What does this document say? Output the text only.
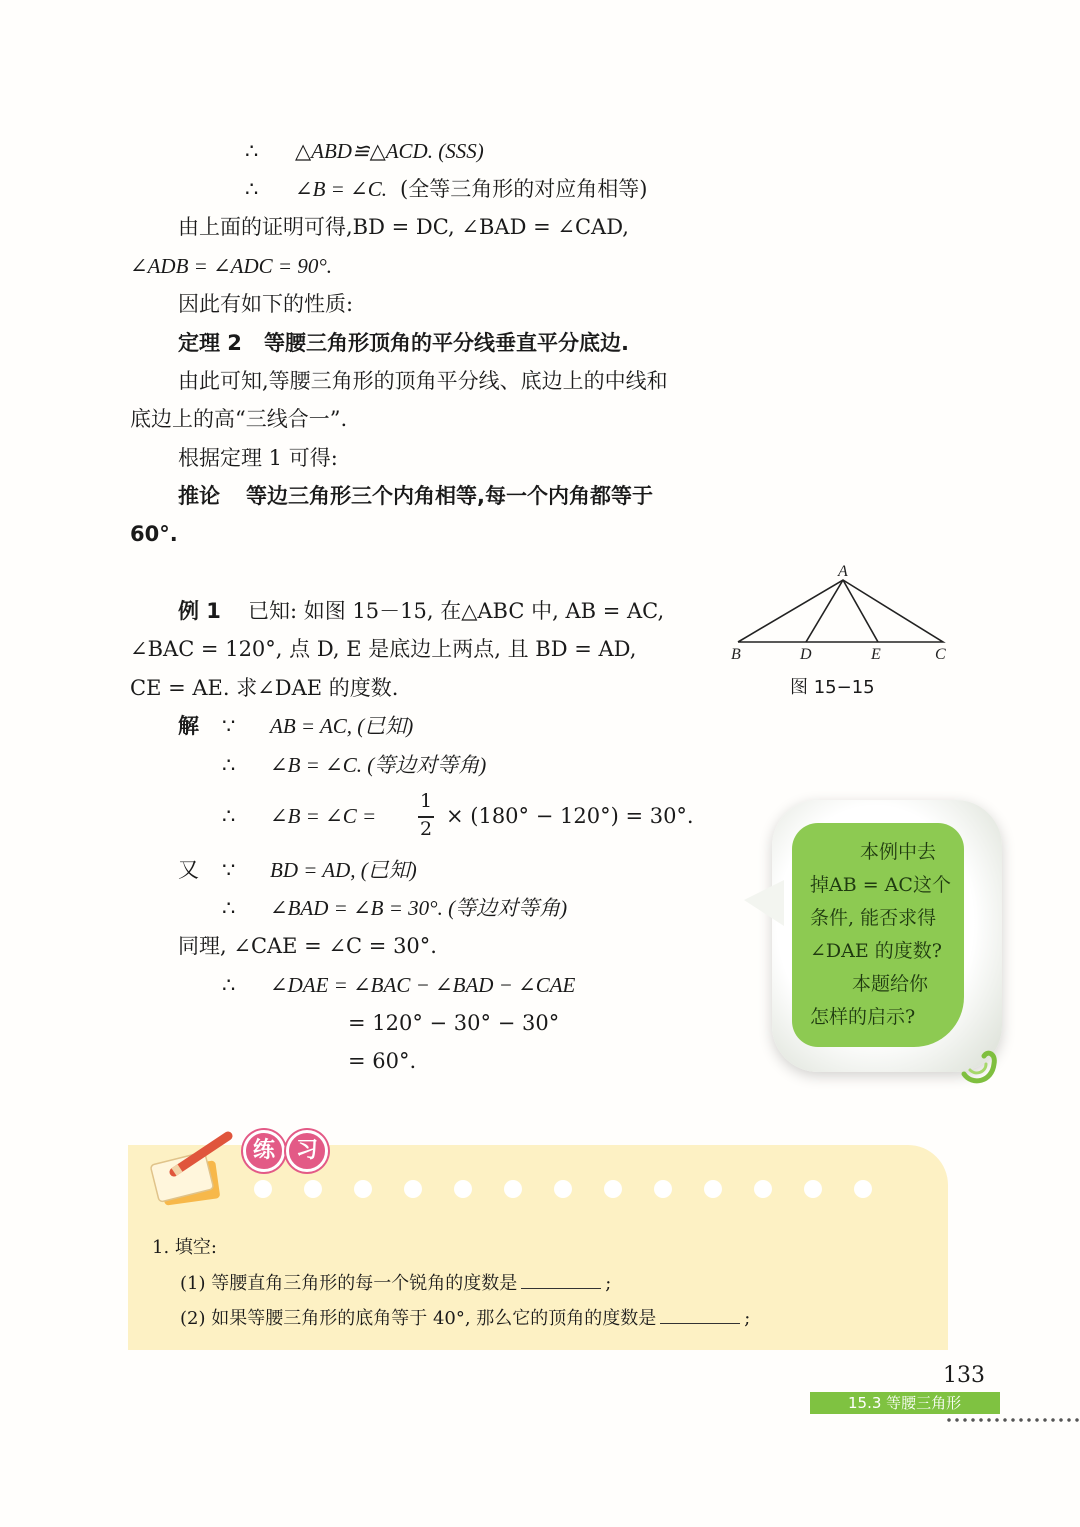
∴ △ABD≌△ACD. (SSS)
∴ ∠B = ∠C. (全等三角形的对应角相等)
由上面的证明可得,BD = DC, ∠BAD = ∠CAD,
∠ADB = ∠ADC = 90°.
因此有如下的性质:
定理 2 等腰三角形顶角的平分线垂直平分底边.
由此可知,等腰三角形的顶角平分线、底边上的中线和
底边上的高“三线合一”.
根据定理 1 可得:
推论 等边三角形三个内角相等,每一个内角都等于
60°.
例 1 已知: 如图 15－15, 在△ABC 中, AB = AC,
∠BAC = 120°, 点 D, E 是底边上两点, 且 BD = AD,
CE = AE. 求∠DAE 的度数.
A
B	D	E	C
图 15−15
解 ∵ AB = AC, (已知)
∴ ∠B = ∠C. (等边对等角)
∴ ∠B = ∠C =
1
2
× (180° − 120°) = 30°.
又 ∵ BD = AD, (已知)
∴ ∠BAD = ∠B = 30°. (等边对等角)
同理, ∠CAE = ∠C = 30°.
∴ ∠DAE = ∠BAC − ∠BAD − ∠CAE
= 120° − 30° − 30°
= 60°.
本例中去
掉AB = AC这个
条件, 能否求得
∠DAE 的度数?
本题给你
怎样的启示?
练 习
1. 填空:
(1) 等腰直角三角形的每一个锐角的度数是	;
(2) 如果等腰三角形的底角等于 40°, 那么它的顶角的度数是	;
133
15.3 等腰三角形
